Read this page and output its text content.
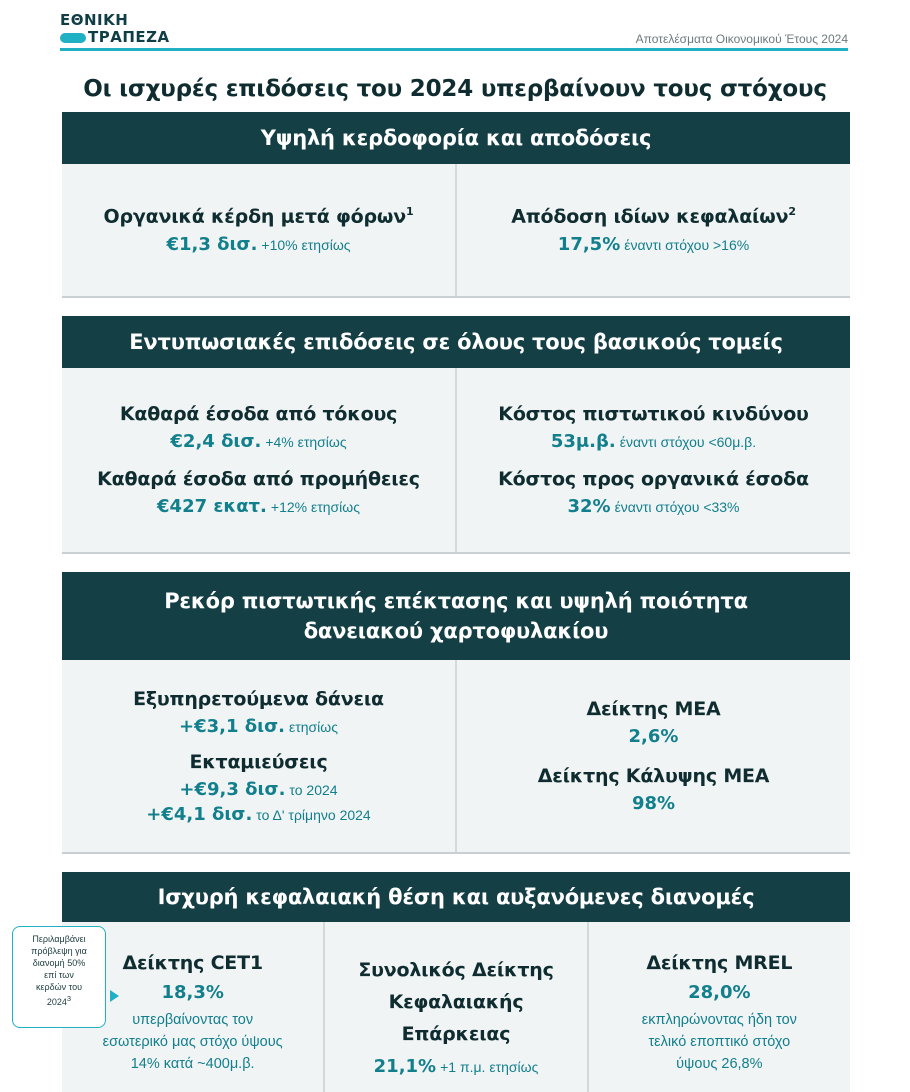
ΕΘΝΙΚΗ
ΤΡΑΠΕΖΑ	Αποτελέσματα Οικονομικού Έτους 2024
Οι ισχυρές επιδόσεις του 2024 υπερβαίνουν τους στόχους
Υψηλή κερδοφορία και αποδόσεις
Οργανικά κέρδη μετά φόρων$^1$
€1,3 δισ. +10% ετησίως
Απόδοση ιδίων κεφαλαίων$^2$
17,5% έναντι στόχου >16%
Εντυπωσιακές επιδόσεις σε όλους τους βασικούς τομείς
Καθαρά έσοδα από τόκους
€2,4 δισ. +4% ετησίως
Καθαρά έσοδα από προμήθειες
€427 εκατ. +12% ετησίως
Κόστος πιστωτικού κινδύνου
53μ.β. έναντι στόχου <60μ.β.
Κόστος προς οργανικά έσοδα
32% έναντι στόχου <33%
Ρεκόρ πιστωτικής επέκτασης και υψηλή ποιότητα
δανειακού χαρτοφυλακίου
Εξυπηρετούμενα δάνεια
+€3,1 δισ. ετησίως
Εκταμιεύσεις
+€9,3 δισ. το 2024
+€4,1 δισ. το Δ' τρίμηνο 2024
Δείκτης ΜΕΑ
2,6%
Δείκτης Κάλυψης ΜΕΑ
98%
Ισχυρή κεφαλαιακή θέση και αυξανόμενες διανομές
Δείκτης CET1
18,3%
υπερβαίνοντας τον
εσωτερικό μας στόχο ύψους
14% κατά ~400μ.β.
Συνολικός Δείκτης
Κεφαλαιακής
Επάρκειας
21,1% +1 π.μ. ετησίως
Δείκτης MREL
28,0%
εκπληρώνοντας ήδη τον
τελικό εποπτικό στόχο
ύψους 26,8%
Περιλαμβάνει
πρόβλεψη για
διανομή 50%
επί των
κερδών του
2024$^3$
